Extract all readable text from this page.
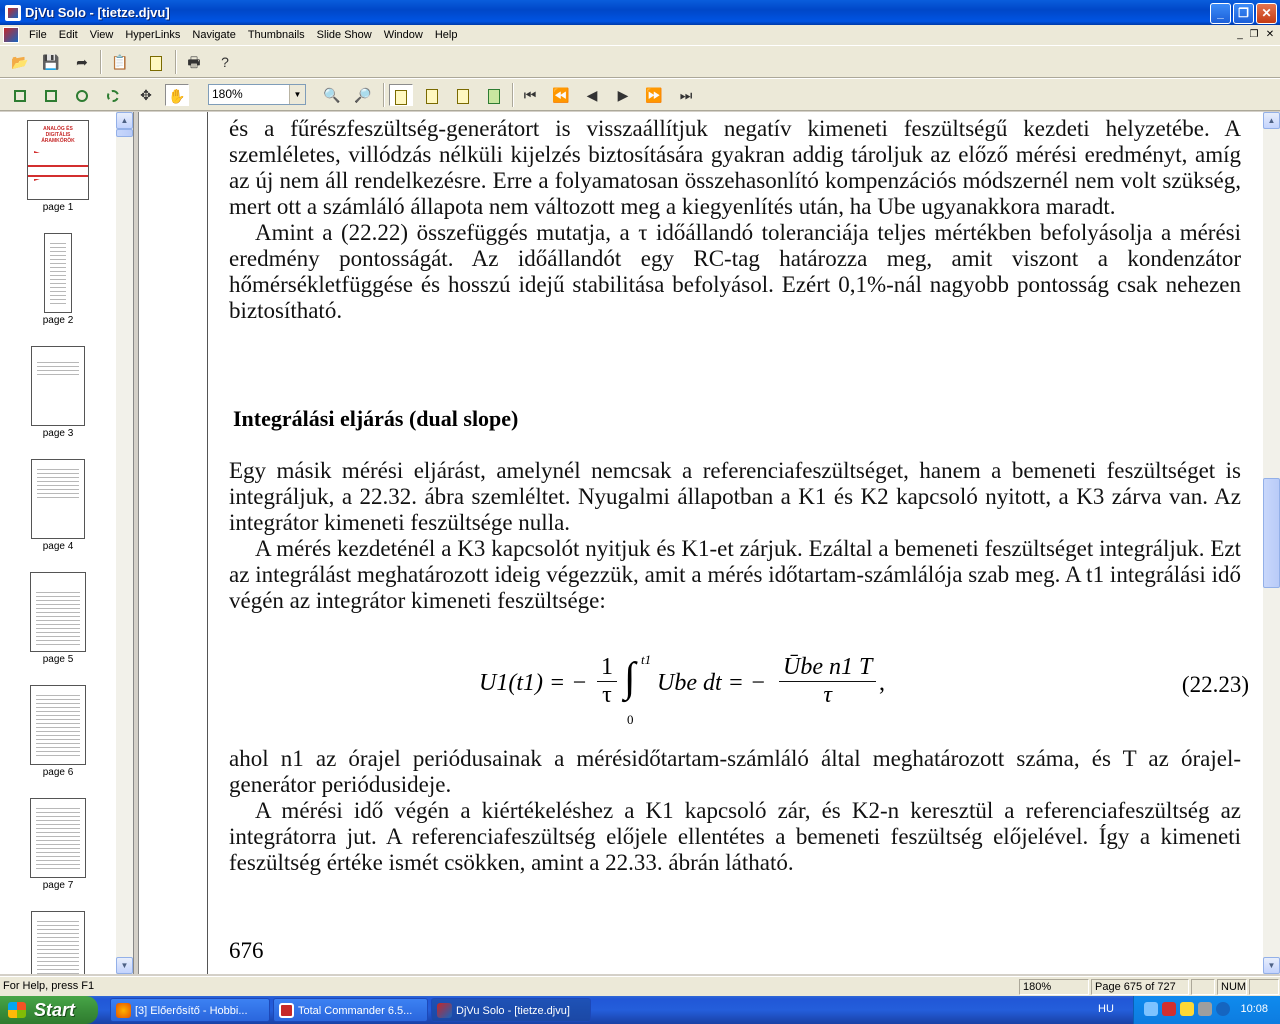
DjVu Solo - [tietze.djvu]	_	❐	✕
File	Edit	View	HyperLinks	Navigate	Thumbnails	Slide Show	Window	Help	_ ❐ ✕
📂 💾	➦	📋	🖶	?
✥	✋	🔍 🔎	⏮	⏪	◀	▶	⏩	⏭
180%	▼
ANALÓG ÉS DIGITÁLIS ÁRAMKÖRÖK
page 1
page 2
page 3
page 4
page 5
page 6
page 7
▲
▼

és a fűrészfeszültség-generátort is visszaállítjuk negatív kimeneti feszültségű kezdeti helyzetébe. A szemléletes, villódzás nélküli kijelzés biztosítására gyakran addig tároljuk az előző mérési eredményt, amíg az új nem áll rendelkezésre. Erre a folyamatosan összehasonlító kompenzációs módszernél nem volt szükség, mert ott a számláló állapota nem változott meg a kiegyenlítés után, ha Ube ugyanakkora maradt.

Amint a (22.22) összefüggés mutatja, a τ időállandó toleranciája teljes mértékben befolyásolja a mérési eredmény pontosságát. Az időállandót egy RC-tag határozza meg, amit viszont a kondenzátor hőmérsékletfüggése és hosszú idejű stabilitása befolyásol. Ezért 0,1%-nál nagyobb pontosság csak nehezen biztosítható.

Integrálási eljárás (dual slope)

Egy másik mérési eljárást, amelynél nemcsak a referenciafeszültséget, hanem a bemeneti feszültséget is integráljuk, a 22.32. ábra szemléltet. Nyugalmi állapotban a K1 és K2 kapcsoló nyitott, a K3 zárva van. Az integrátor kimeneti feszültsége nulla.

A mérés kezdeténél a K3 kapcsolót nyitjuk és K1-et zárjuk. Ezáltal a bemeneti feszültséget integráljuk. Ezt az integrálást meghatározott ideig végezzük, amit a mérés időtartam-számlálója szab meg. A t1 integrálási idő végén az integrátor kimeneti feszültsége:

U1(t1) = − $\frac{1}{\tau}$ ∫ t1
0
Ube dt = −
Ūbe n1 T
τ	,	(22.23)

ahol n1 az órajel periódusainak a mérésidőtartam-számláló által meghatározott száma, és T az órajel-generátor periódusideje.

A mérési idő végén a kiértékeléshez a K1 kapcsoló zár, és K2-n keresztül a referenciafeszültség az integrátorra jut. A referenciafeszültség előjele ellentétes a bemeneti feszültség előjelével. Így a kimeneti feszültség értéke ismét csökken, amint a 22.33. ábrán látható.

676
▲
▼
For Help, press F1	180%	Page 675 of 727	NUM
Start	[3] Előerősítő - Hobbi...	Total Commander 6.5...	DjVu Solo - [tietze.djvu]	HU	10:08
